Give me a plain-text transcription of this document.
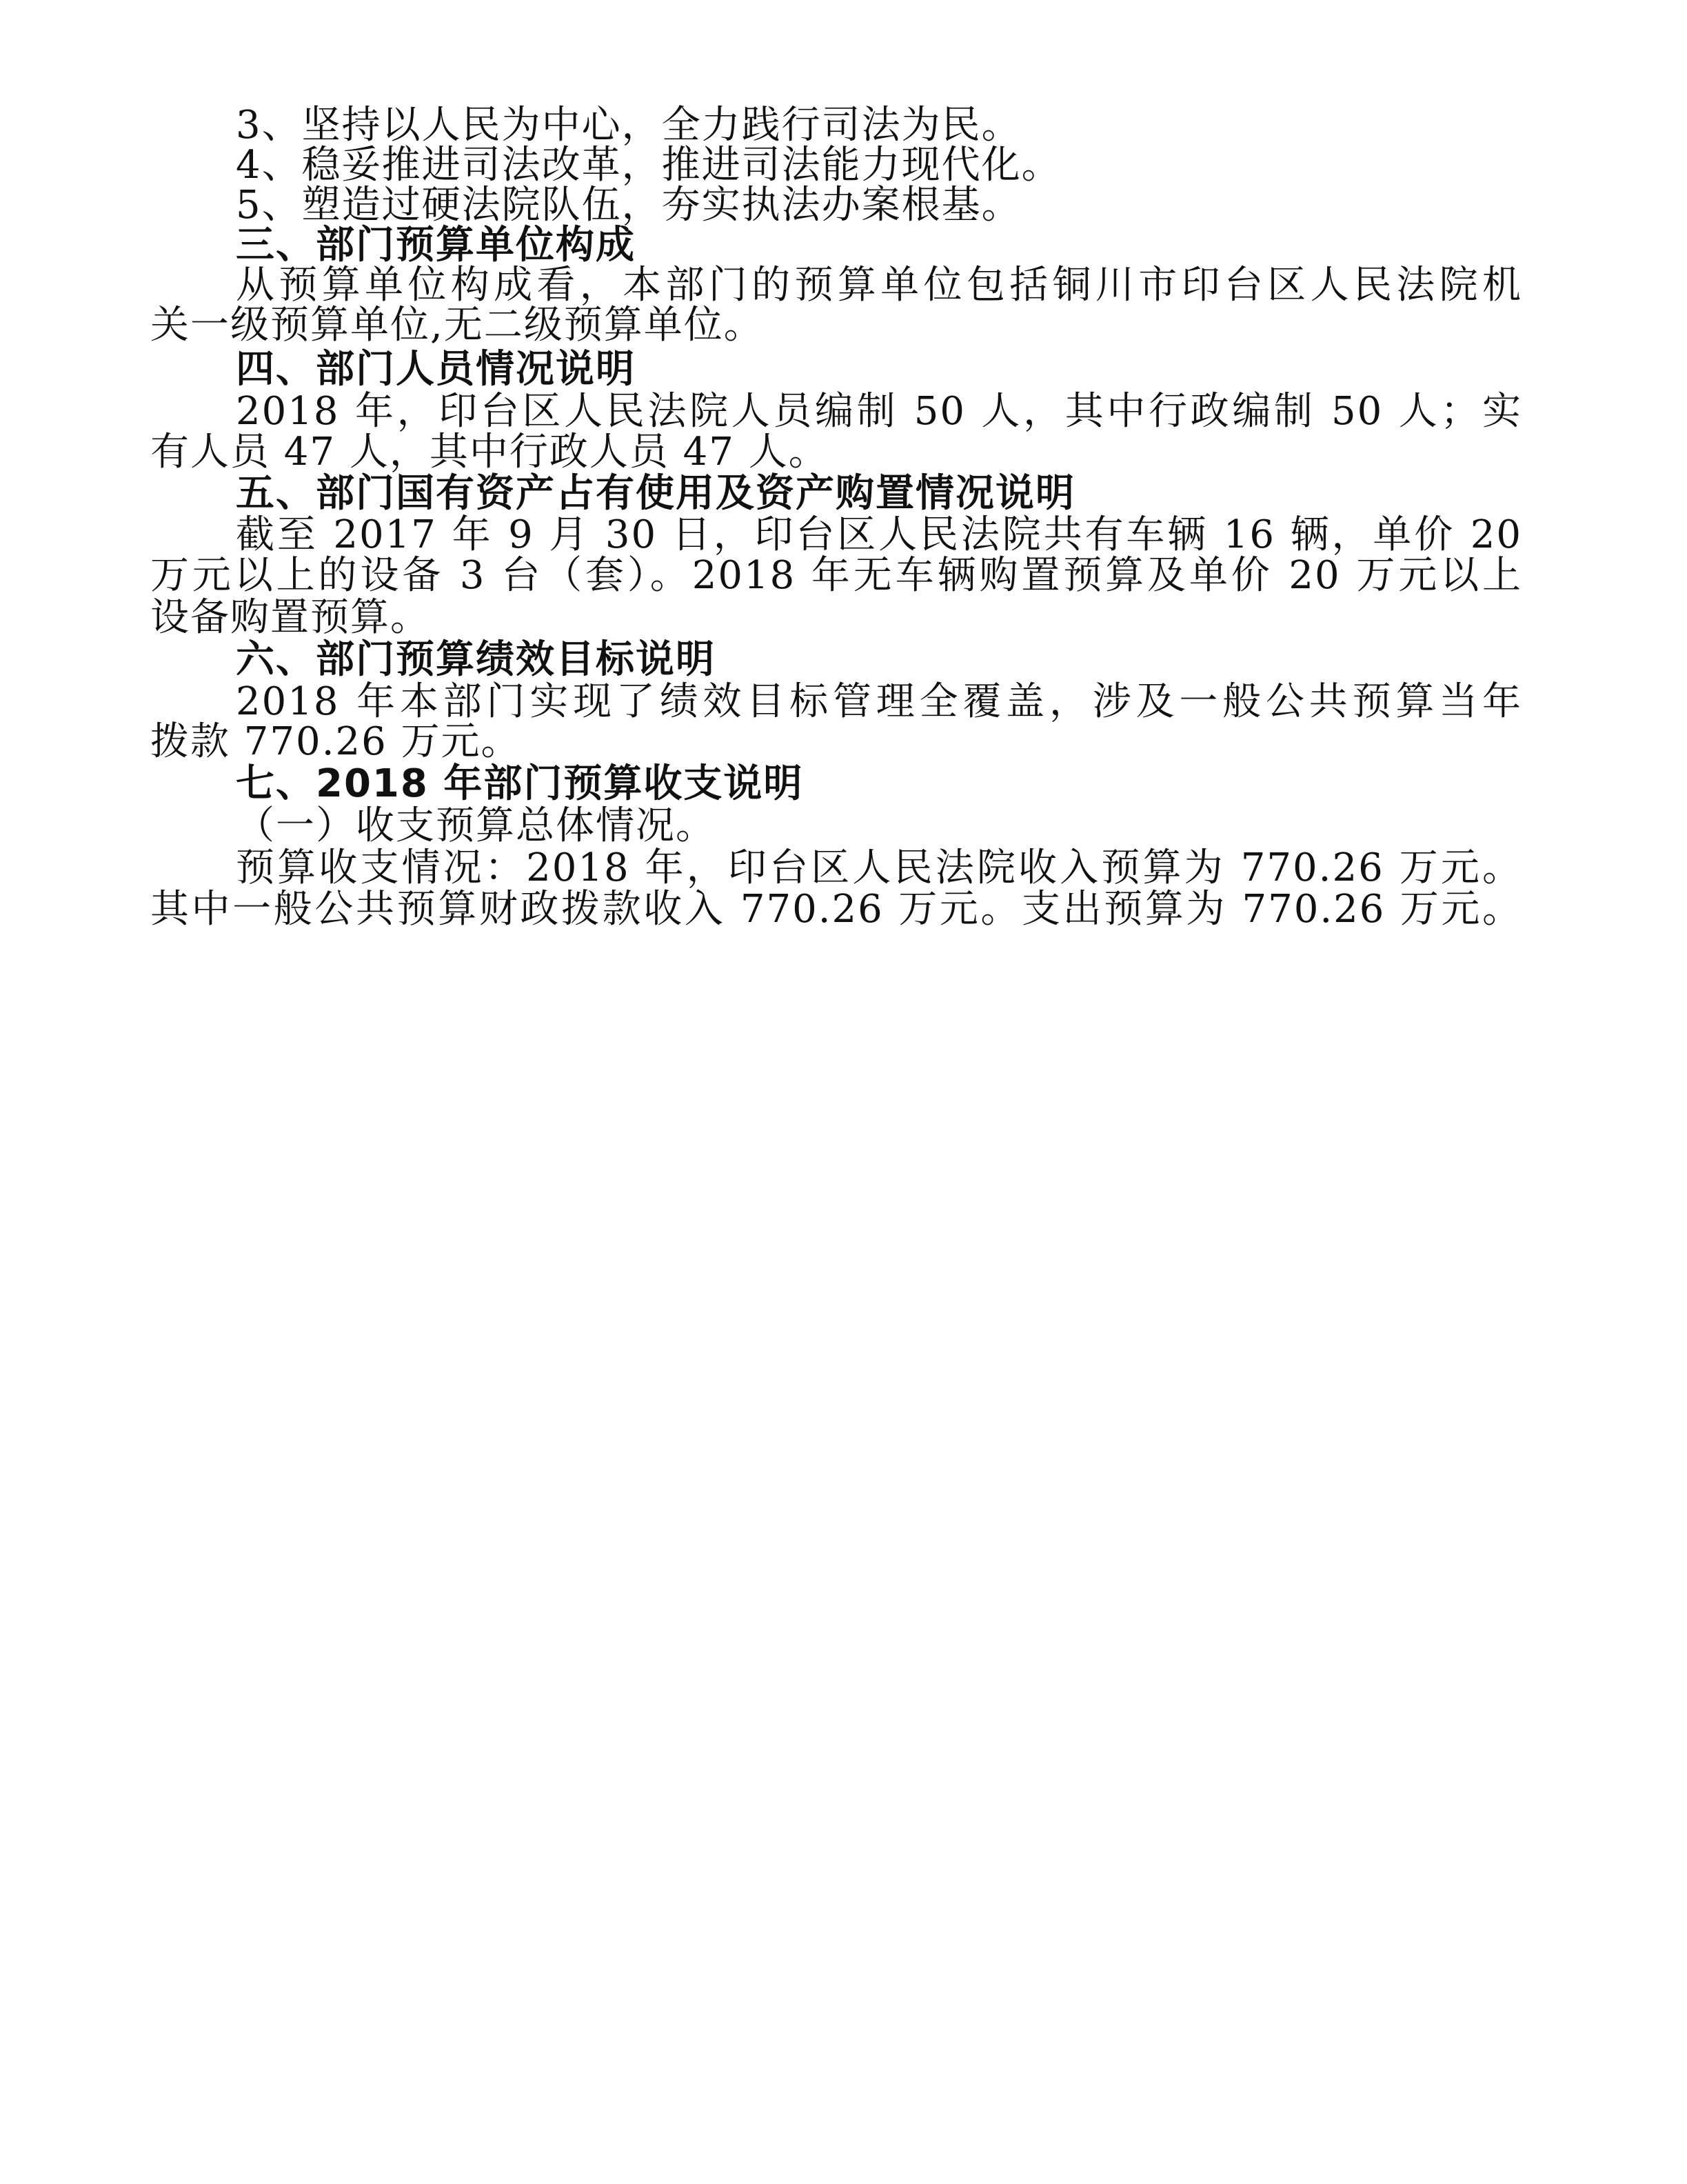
3、坚持以人民为中心，全力践行司法为民。
4、稳妥推进司法改革，推进司法能力现代化。
5、塑造过硬法院队伍，夯实执法办案根基。
三、部门预算单位构成
从预算单位构成看，本部门的预算单位包括铜川市印台区人民法院机
关一级预算单位,无二级预算单位。
四、部门人员情况说明
2018 年，印台区人民法院人员编制 50 人，其中行政编制 50 人；实
有人员 47 人，其中行政人员 47 人。
五、部门国有资产占有使用及资产购置情况说明
截至 2017 年 9 月 30 日，印台区人民法院共有车辆 16 辆，单价 20
万元以上的设备 3 台（套）。2018 年无车辆购置预算及单价 20 万元以上
设备购置预算。
六、部门预算绩效目标说明
2018 年本部门实现了绩效目标管理全覆盖，涉及一般公共预算当年
拨款 770.26 万元。
七、2018 年部门预算收支说明
（一）收支预算总体情况。
预算收支情况：2018 年，印台区人民法院收入预算为 770.26 万元。
其中一般公共预算财政拨款收入 770.26 万元。支出预算为 770.26 万元。
